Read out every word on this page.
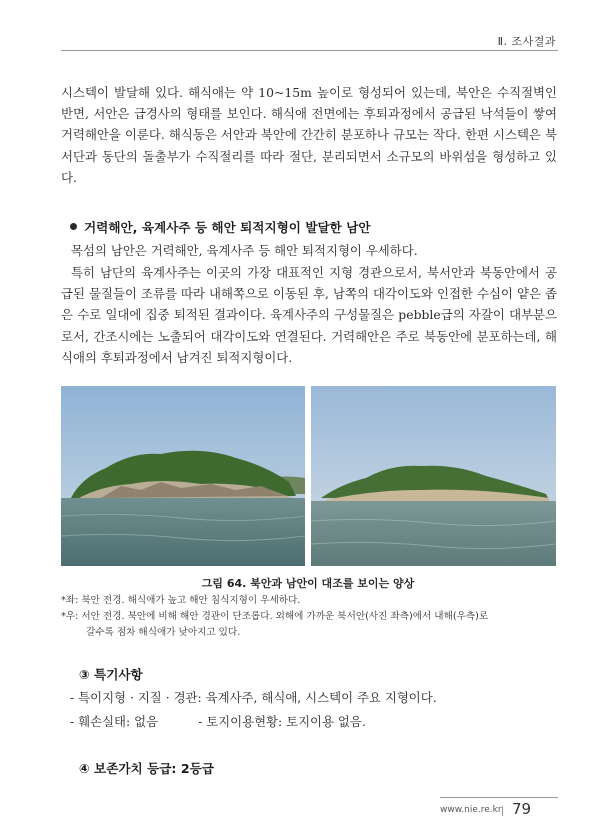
Ⅱ. 조사결과

시스텍이 발달해 있다. 해식애는 약 10~15m 높이로 형성되어 있는데, 북안은 수직절벽인 반면, 서안은 급경사의 형태를 보인다. 해식애 전면에는 후퇴과정에서 공급된 낙석들이 쌓여 거력해안을 이룬다. 해식동은 서안과 북안에 간간히 분포하나 규모는 작다. 한편 시스텍은 북서단과 동단의 돌출부가 수직절리를 따라 절단, 분리되면서 소규모의 바위섬을 형성하고 있다.

거력해안, 육계사주 등 해안 퇴적지형이 발달한 남안

목섬의 남안은 거력해안, 육계사주 등 해안 퇴적지형이 우세하다.

특히 남단의 육계사주는 이곳의 가장 대표적인 지형 경관으로서, 북서안과 북동안에서 공급된 물질들이 조류를 따라 내해쪽으로 이동된 후, 남쪽의 대각이도와 인접한 수심이 얕은 좁은 수로 일대에 집중 퇴적된 결과이다. 육계사주의 구성물질은 pebble급의 자갈이 대부분으로서, 간조시에는 노출되어 대각이도와 연결된다. 거력해안은 주로 북동안에 분포하는데, 해식애의 후퇴과정에서 남겨진 퇴적지형이다.

그림 64. 북안과 남안이 대조를 보이는 양상

*좌: 북안 전경. 해식애가 높고 해안 침식지형이 우세하다.

*우: 서안 전경. 북안에 비해 해안 경관이 단조롭다. 외해에 가까운 북서안(사진 좌측)에서 내해(우측)로
갈수록 점차 해식애가 낮아지고 있다.

③ 특기사항
- 특이지형 · 지질 · 경관: 육계사주, 해식애, 시스텍이 주요 지형이다.
- 훼손실태: 없음	- 토지이용현황: 토지이용 없음.
④ 보존가치 등급: 2등급
www.nie.re.kr 79
